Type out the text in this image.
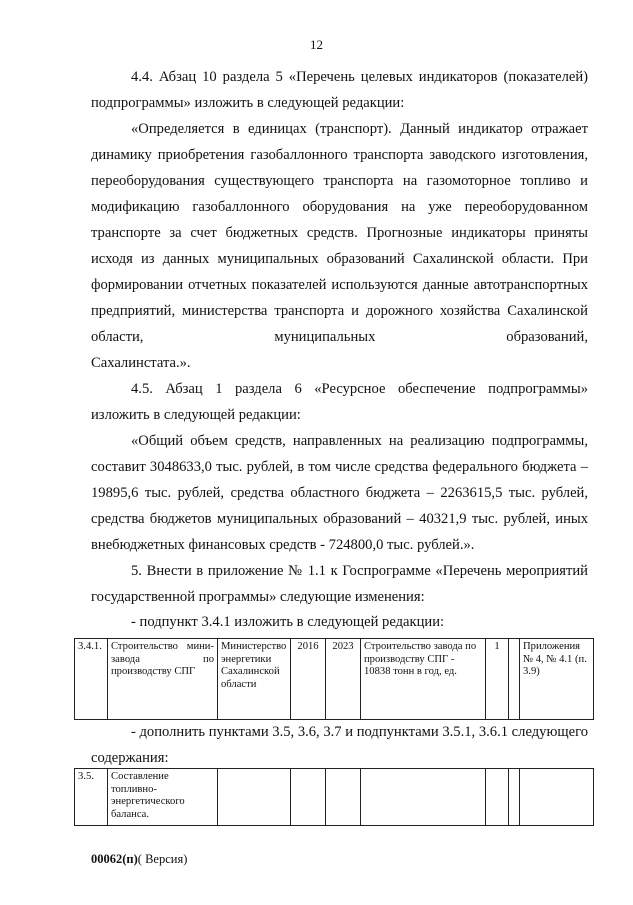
12
4.4. Абзац 10 раздела 5 «Перечень целевых индикаторов (показателей)
подпрограммы» изложить в следующей редакции:
«Определяется в единицах (транспорт). Данный индикатор отражает динамику приобретения газобаллонного транспорта заводского изготовления, переоборудования существующего транспорта на газомоторное топливо и модификацию газобаллонного оборудования на уже переоборудованном транспорте за счет бюджетных средств. Прогнозные индикаторы приняты исходя из данных муниципальных образований Сахалинской области. При формировании отчетных показателей используются данные автотранспортных предприятий, министерства транспорта и дорожного хозяйства Сахалинской области, муниципальных образований,
Сахалинстата.».
4.5. Абзац 1 раздела 6 «Ресурсное обеспечение подпрограммы»
изложить в следующей редакции:
«Общий объем средств, направленных на реализацию подпрограммы, составит 3048633,0 тыс. рублей, в том числе средства федерального бюджета – 19895,6 тыс. рублей, средства областного бюджета – 2263615,5 тыс. рублей, средства бюджетов муниципальных образований – 40321,9 тыс. рублей, иных
внебюджетных финансовых средств - 724800,0 тыс. рублей.».
5. Внести в приложение № 1.1 к Госпрограмме «Перечень мероприятий
государственной программы» следующие изменения:
- подпункт 3.4.1 изложить в следующей редакции:
3.4.1.	Строительство мини-завода по производству СПГ	Министерство энергетики Сахалинской области	2016	2023	Строительство завода по производству СПГ - 10838 тонн в год, ед.	1		Приложения № 4, № 4.1 (п. 3.9)
- дополнить пунктами 3.5, 3.6, 3.7 и подпунктами 3.5.1, 3.6.1 следующего
содержания:
3.5.	Составление топливно-энергетического баланса.							
00062(п)( Версия)
